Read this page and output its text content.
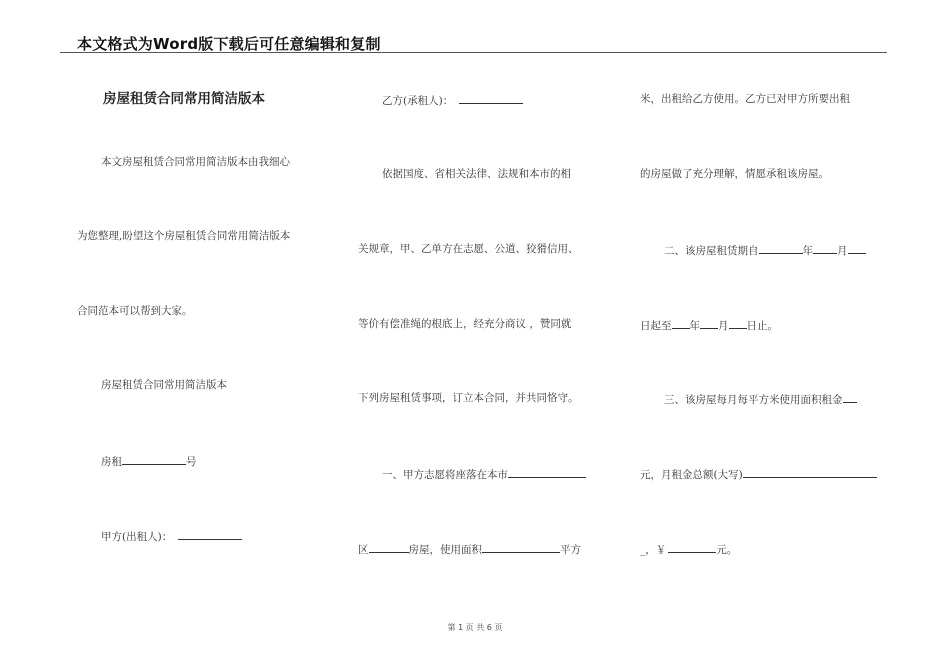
本文格式为Word版下载后可任意编辑和复制
房屋租赁合同常用简洁版本
本文房屋租赁合同常用简洁版本由我细心
为您整理,盼望这个房屋租赁合同常用简洁版本
合同范本可以帮到大家。
房屋租赁合同常用简洁版本
房租	号
甲方(出租人)：
乙方(承租人)：
依据国度、省相关法律、法规和本市的相
关规章，甲、乙单方在志愿、公道、狡猾信用、
等价有偿准绳的根底上，经充分商议 ，赞同就
下列房屋租赁事项，订立本合同，并共同恪守。
一、甲方志愿将座落在本市
区	房屋，使用面积	平方
米，出租给乙方使用。乙方已对甲方所要出租
的房屋做了充分理解，情愿承租该房屋。
二、该房屋租赁期自	年 月
日起至 年 月 日止。
三、该房屋每月每平方米使用面积租金
元，月租金总额(大写)
_，￥	元。
第 1 页 共 6 页
